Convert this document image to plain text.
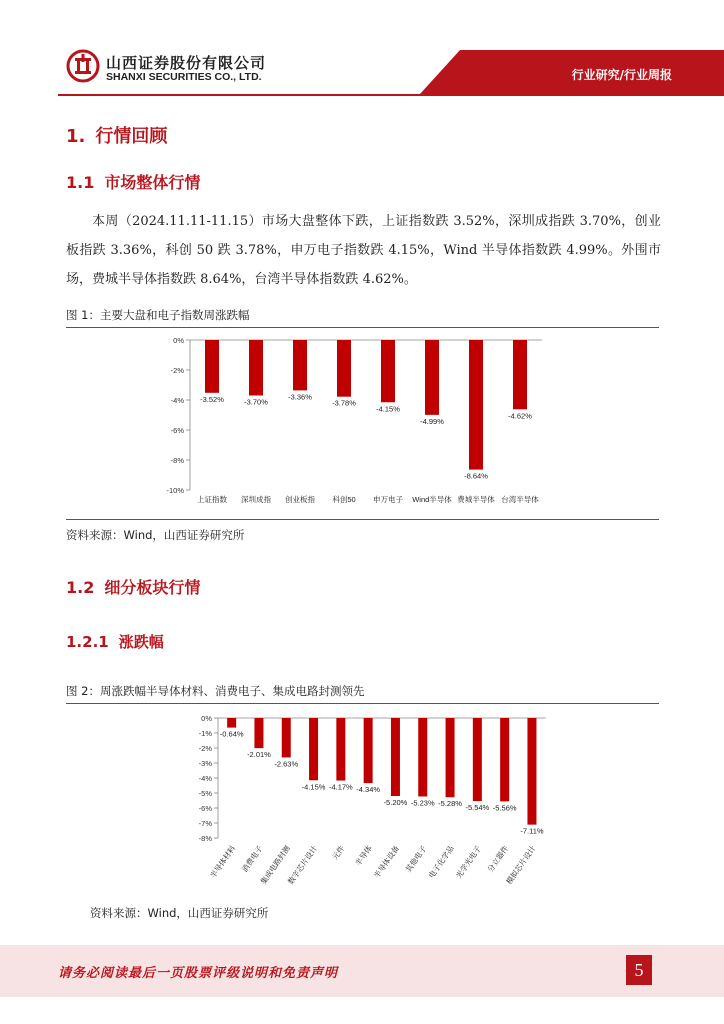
山西证券股份有限公司
SHANXI SECURITIES CO., LTD.	行业研究/行业周报
1. 行情回顾
1.1 市场整体行情
本周（2024.11.11-11.15）市场大盘整体下跌，上证指数跌 3.52%，深圳成指跌 3.70%，创业板指跌 3.36%，科创 50 跌 3.78%，申万电子指数跌 4.15%，Wind 半导体指数跌 4.99%。外围市场，费城半导体指数跌 8.64%，台湾半导体指数跌 4.62%。
图 1：主要大盘和电子指数周涨跌幅
0%
-2%
-4%
-6%
-8%
-10%
-3.52%
上证指数
-3.70%
深圳成指
-3.36%
创业板指
-3.78%
科创50
-4.15%
申万电子
-4.99%
Wind半导体
-8.64%
费城半导体
-4.62%
台湾半导体
资料来源：Wind，山西证券研究所
1.2 细分板块行情
1.2.1 涨跌幅
图 2：周涨跌幅半导体材料、消费电子、集成电路封测领先
0%
-1%
-2%
-3%
-4%
-5%
-6%
-7%
-8%
-0.64%
半导体材料
-2.01%
消费电子
-2.63%
集成电路封测
-4.15%
数字芯片设计
-4.17%
元件
-4.34%
半导体
-5.20%
半导体设备
-5.23%
其他电子
-5.28%
电子化学品
-5.54%
光学光电子
-5.56%
分立器件
-7.11%
模拟芯片设计
资料来源：Wind，山西证券研究所
请务必阅读最后一页股票评级说明和免责声明	5
